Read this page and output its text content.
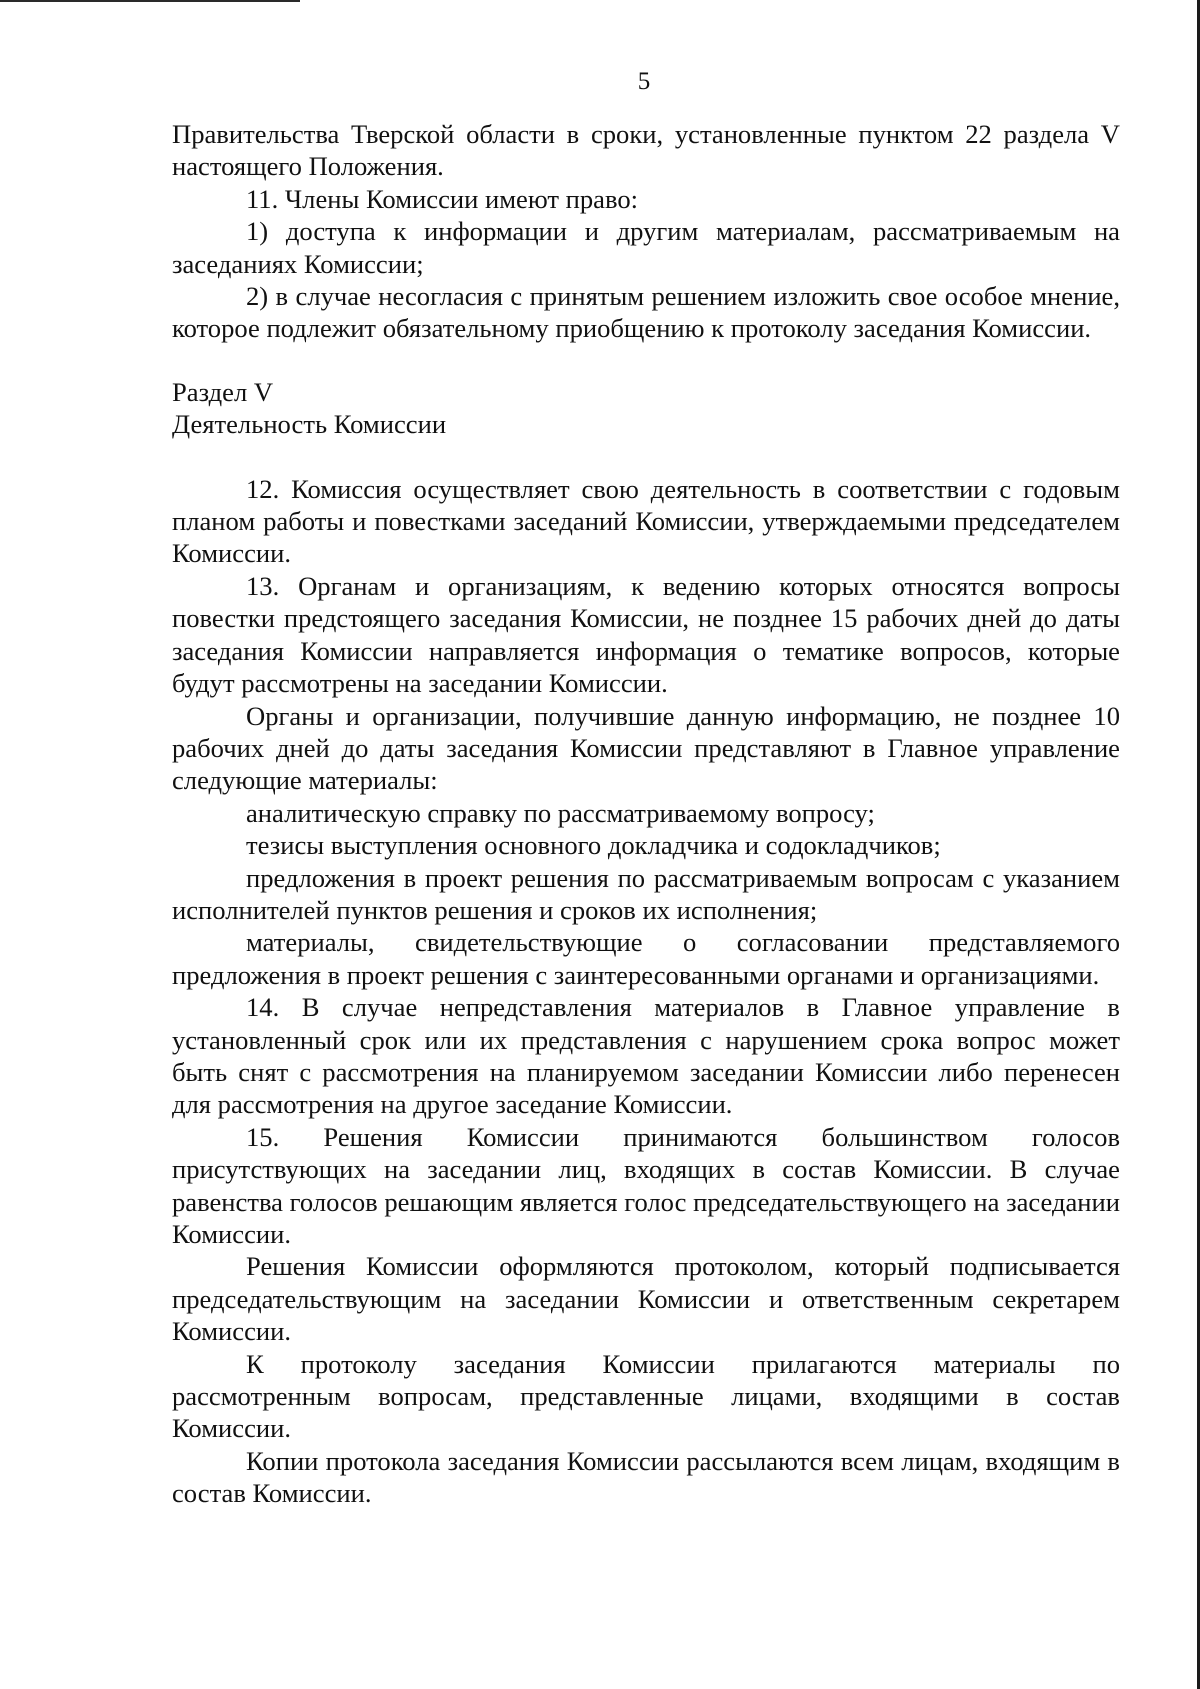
5

Правительства Тверской области в сроки, установленные пунктом 22 раздела V настоящего Положения.

11. Члены Комиссии имеют право:

1) доступа к информации и другим материалам, рассматриваемым на заседаниях Комиссии;

2) в случае несогласия с принятым решением изложить свое особое мнение, которое подлежит обязательному приобщению к протоколу заседания Комиссии.

Раздел V

Деятельность Комиссии

12. Комиссия осуществляет свою деятельность в соответствии с годовым планом работы и повестками заседаний Комиссии, утверждаемыми председателем Комиссии.

13. Органам и организациям, к ведению которых относятся вопросы повестки предстоящего заседания Комиссии, не позднее 15 рабочих дней до даты заседания Комиссии направляется информация о тематике вопросов, которые будут рассмотрены на заседании Комиссии.

Органы и организации, получившие данную информацию, не позднее 10 рабочих дней до даты заседания Комиссии представляют в Главное управление следующие материалы:

аналитическую справку по рассматриваемому вопросу;

тезисы выступления основного докладчика и содокладчиков;

предложения в проект решения по рассматриваемым вопросам с указанием исполнителей пунктов решения и сроков их исполнения;

материалы, свидетельствующие о согласовании представляемого предложения в проект решения с заинтересованными органами и организациями.

14. В случае непредставления материалов в Главное управление в установленный срок или их представления с нарушением срока вопрос может быть снят с рассмотрения на планируемом заседании Комиссии либо перенесен для рассмотрения на другое заседание Комиссии.

15. Решения Комиссии принимаются большинством голосов присутствующих на заседании лиц, входящих в состав Комиссии. В случае равенства голосов решающим является голос председательствующего на заседании Комиссии.

Решения Комиссии оформляются протоколом, который подписывается председательствующим на заседании Комиссии и ответственным секретарем Комиссии.

К протоколу заседания Комиссии прилагаются материалы по рассмотренным вопросам, представленные лицами, входящими в состав Комиссии.

Копии протокола заседания Комиссии рассылаются всем лицам, входящим в состав Комиссии.
